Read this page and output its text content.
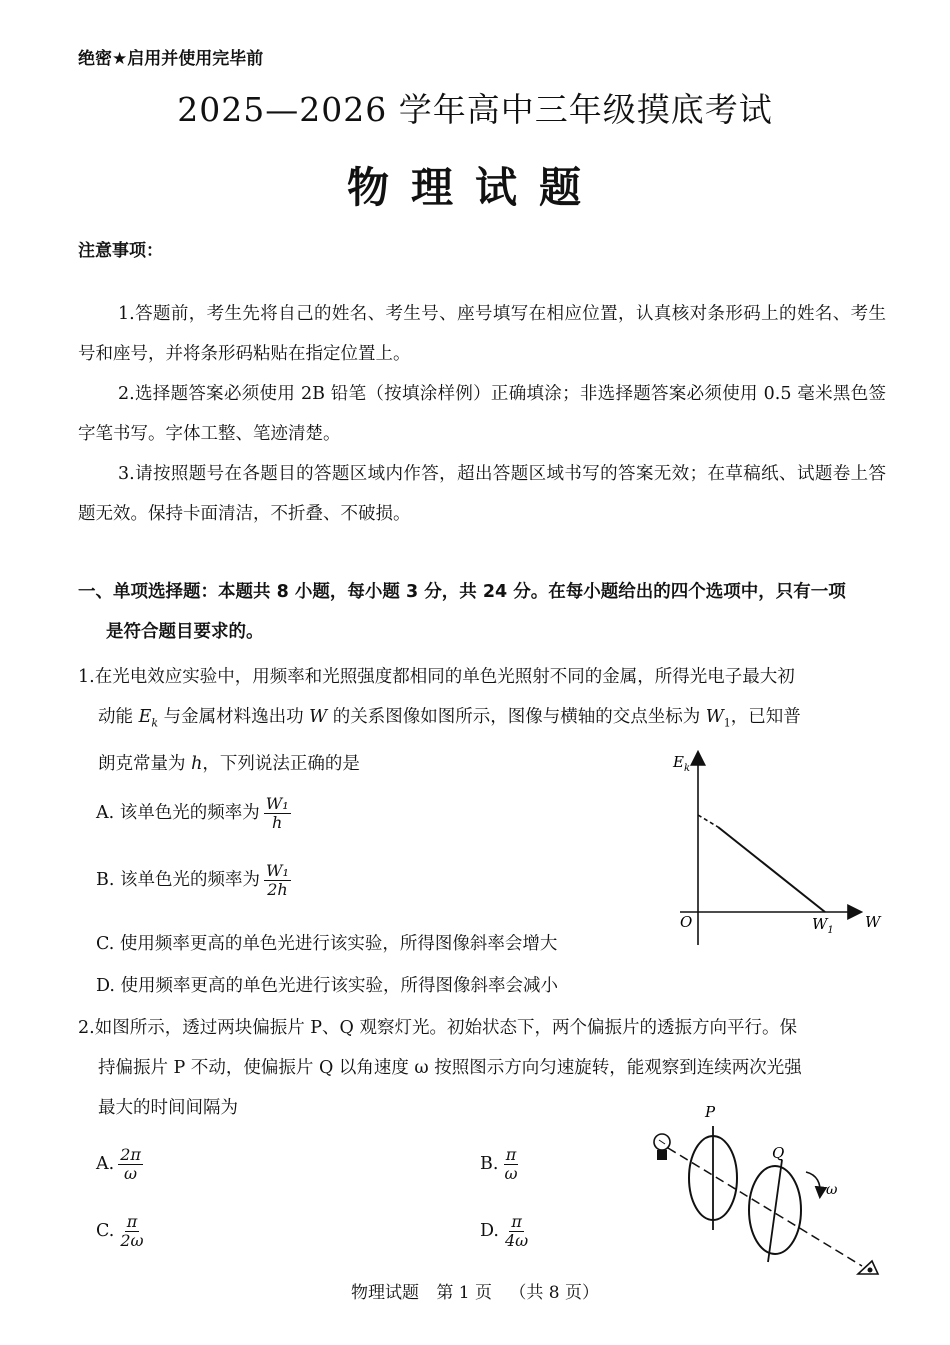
绝密★启用并使用完毕前
2025—2026 学年高中三年级摸底考试
物理试题
注意事项：
1.答题前，考生先将自己的姓名、考生号、座号填写在相应位置，认真核对条形码上的姓名、考生号和座号，并将条形码粘贴在指定位置上。
2.选择题答案必须使用 2B 铅笔（按填涂样例）正确填涂；非选择题答案必须使用 0.5 毫米黑色签字笔书写。字体工整、笔迹清楚。
3.请按照题号在各题目的答题区域内作答，超出答题区域书写的答案无效；在草稿纸、试题卷上答题无效。保持卡面清洁，不折叠、不破损。
一、单项选择题：本题共 8 小题，每小题 3 分，共 24 分。在每小题给出的四个选项中，只有一项
是符合题目要求的。
1.在光电效应实验中，用频率和光照强度都相同的单色光照射不同的金属，所得光电子最大初
动能 $E_k$ 与金属材料逸出功 W 的关系图像如图所示，图像与横轴的交点坐标为 $W_1$，已知普
朗克常量为 h，下列说法正确的是
A. 该单色光的频率为 $\frac{\text{W₁}}{h}$
B. 该单色光的频率为 $\frac{\text{W₁}}{2h}$
C. 使用频率更高的单色光进行该实验，所得图像斜率会增大
D. 使用频率更高的单色光进行该实验，所得图像斜率会减小
$E_k$
O	$W_1$ W
2.如图所示，透过两块偏振片 P、Q 观察灯光。初始状态下，两个偏振片的透振方向平行。保
持偏振片 P 不动，使偏振片 Q 以角速度 ω 按照图示方向匀速旋转，能观察到连续两次光强
最大的时间间隔为
A. $\frac{2\pi}{\omega}$	B. $\frac{\pi}{\omega}$
C. $\frac{\pi}{2\omega}$	D. $\frac{\pi}{4\omega}$
P
Q
ω
物理试题 第 1 页 （共 8 页）
